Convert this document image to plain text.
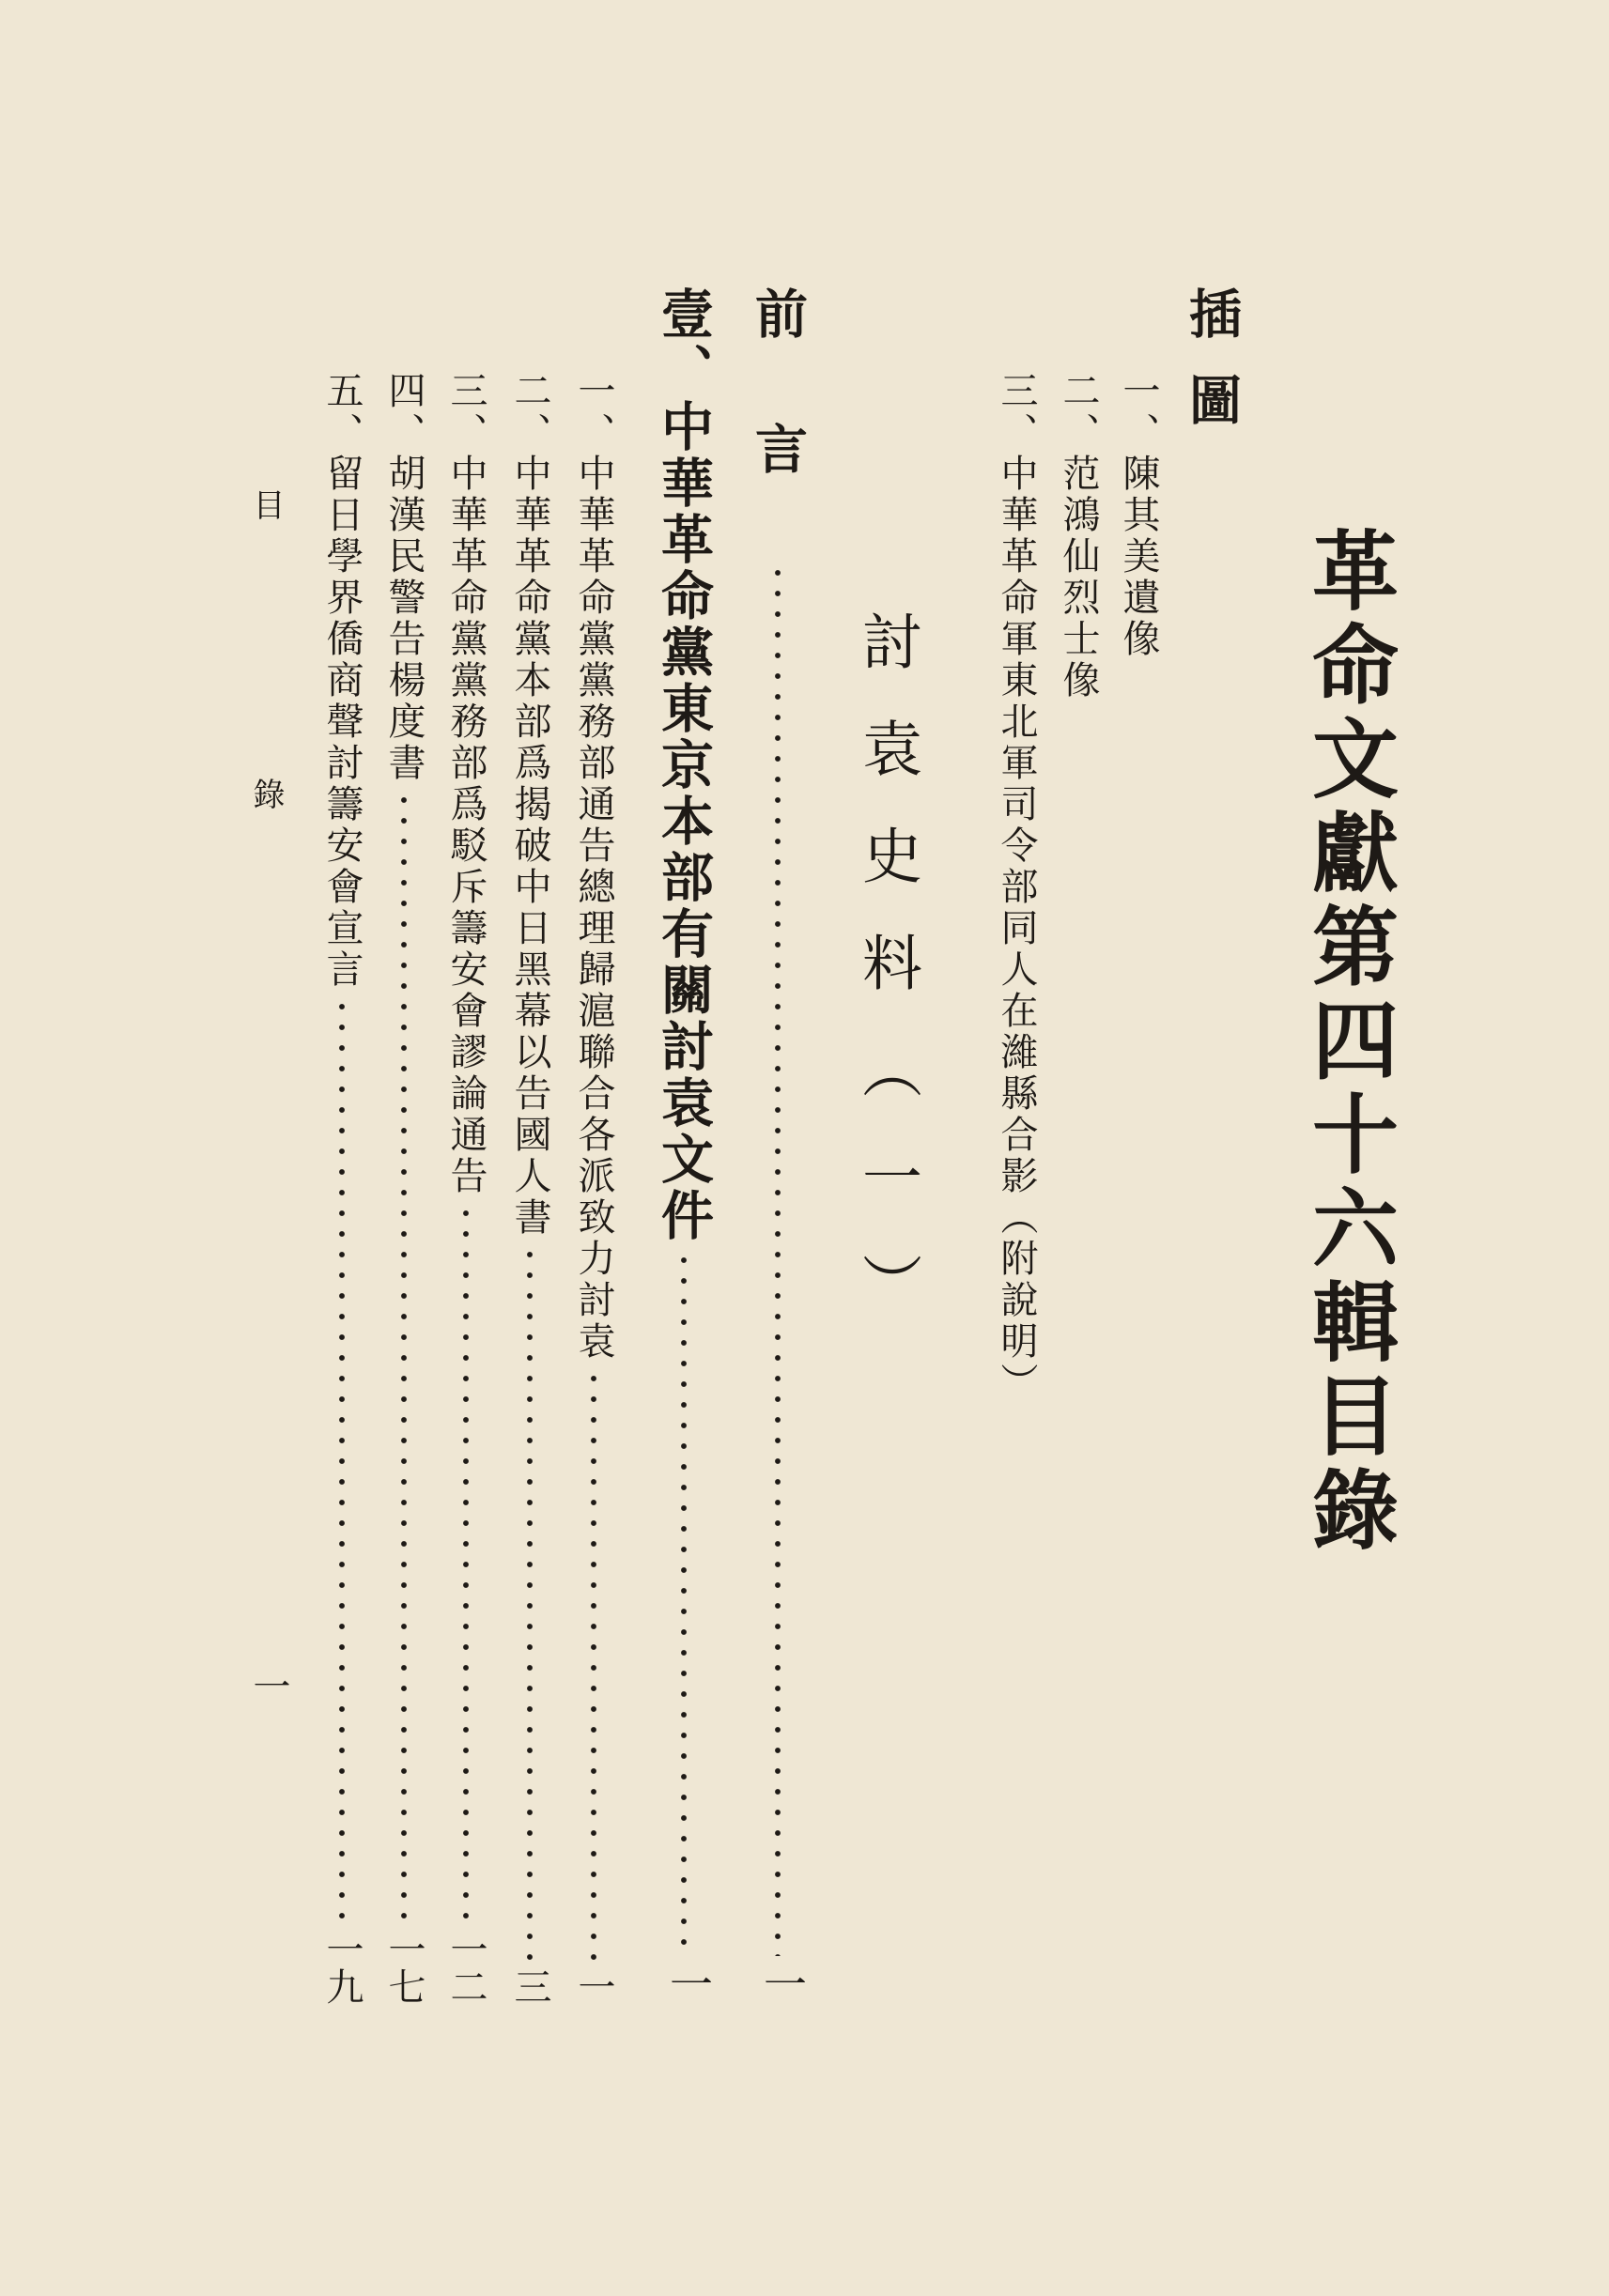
革命文獻第四十六輯目錄
插圖
一、陳其美遺像
二、范鴻仙烈士像
三、中華革命軍東北軍司令部同人在濰縣合影（附說明）
討袁史料（一）
前言
一
壹、中華革命黨東京本部有關討袁文件
一
一、中華革命黨黨務部通告總理歸滬聯合各派致力討袁
一
二、中華革命黨本部爲揭破中日黑幕以告國人書
三
三、中華革命黨黨務部爲駁斥籌安會謬論通告
一二
四、胡漢民警告楊度書
一七
五、留日學界僑商聲討籌安會宣言
一九
目　錄
一
